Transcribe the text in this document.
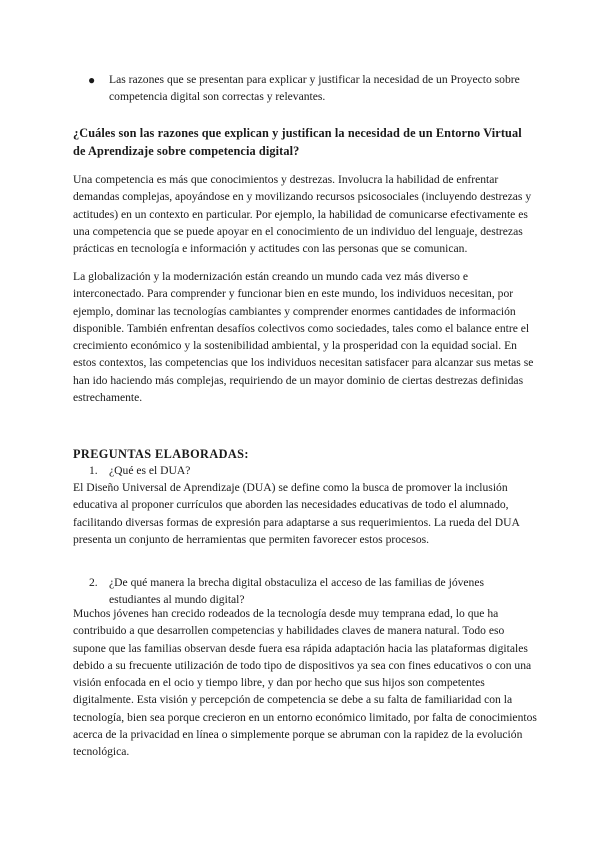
● Las razones que se presentan para explicar y justificar la necesidad de un Proyecto sobre competencia digital son correctas y relevantes.

¿Cuáles son las razones que explican y justifican la necesidad de un Entorno Virtual de Aprendizaje sobre competencia digital?

Una competencia es más que conocimientos y destrezas. Involucra la habilidad de enfrentar demandas complejas, apoyándose en y movilizando recursos psicosociales (incluyendo destrezas y actitudes) en un contexto en particular. Por ejemplo, la habilidad de comunicarse efectivamente es una competencia que se puede apoyar en el conocimiento de un individuo del lenguaje, destrezas prácticas en tecnología e información y actitudes con las personas que se comunican.

La globalización y la modernización están creando un mundo cada vez más diverso e interconectado. Para comprender y funcionar bien en este mundo, los individuos necesitan, por ejemplo, dominar las tecnologías cambiantes y comprender enormes cantidades de información disponible. También enfrentan desafíos colectivos como sociedades, tales como el balance entre el crecimiento económico y la sostenibilidad ambiental, y la prosperidad con la equidad social. En estos contextos, las competencias que los individuos necesitan satisfacer para alcanzar sus metas se han ido haciendo más complejas, requiriendo de un mayor dominio de ciertas destrezas definidas estrechamente.

PREGUNTAS ELABORADAS:
1. ¿Qué es el DUA?

El Diseño Universal de Aprendizaje (DUA) se define como la busca de promover la inclusión educativa al proponer currículos que aborden las necesidades educativas de todo el alumnado, facilitando diversas formas de expresión para adaptarse a sus requerimientos. La rueda del DUA presenta un conjunto de herramientas que permiten favorecer estos procesos.

2. ¿De qué manera la brecha digital obstaculiza el acceso de las familias de jóvenes estudiantes al mundo digital?

Muchos jóvenes han crecido rodeados de la tecnología desde muy temprana edad, lo que ha contribuido a que desarrollen competencias y habilidades claves de manera natural. Todo eso supone que las familias observan desde fuera esa rápida adaptación hacia las plataformas digitales debido a su frecuente utilización de todo tipo de dispositivos ya sea con fines educativos o con una visión enfocada en el ocio y tiempo libre, y dan por hecho que sus hijos son competentes digitalmente. Esta visión y percepción de competencia se debe a su falta de familiaridad con la tecnología, bien sea porque crecieron en un entorno económico limitado, por falta de conocimientos acerca de la privacidad en línea o simplemente porque se abruman con la rapidez de la evolución tecnológica.
